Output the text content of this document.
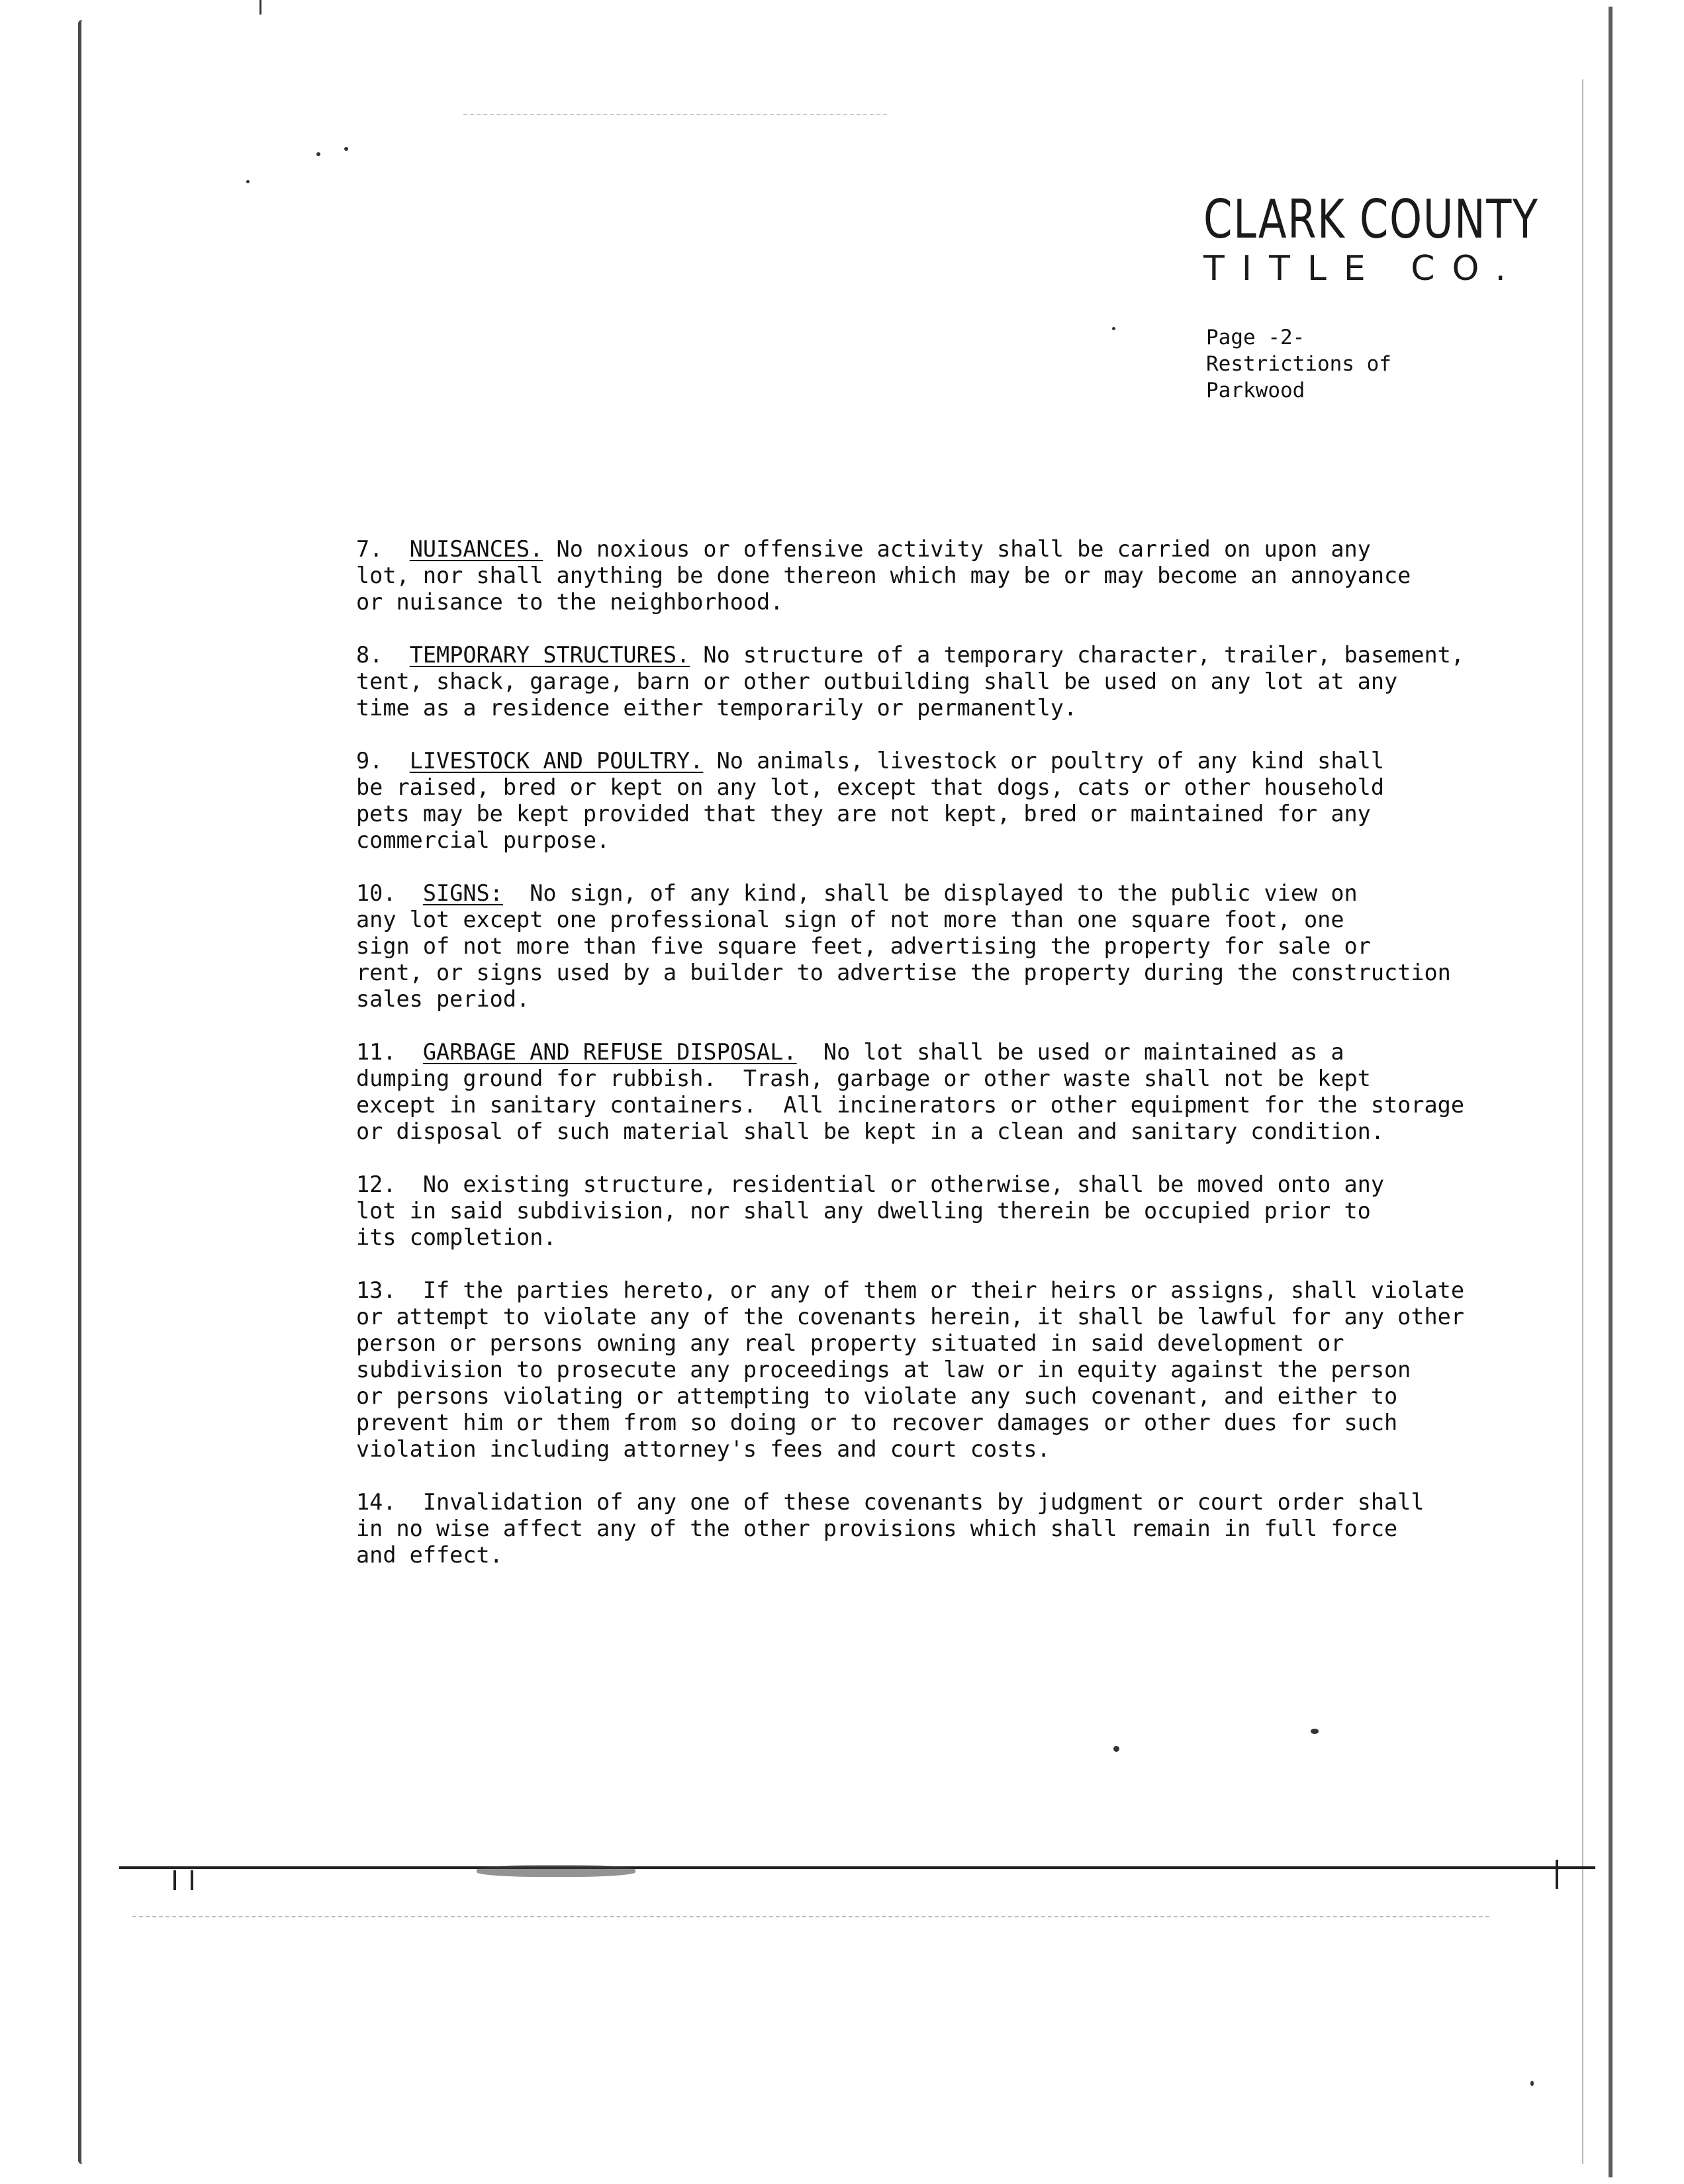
CLARK COUNTY
TITLE CO.
Page -2-
Restrictions of
Parkwood
7. NUISANCES. No noxious or offensive activity shall be carried on upon any
lot, nor shall anything be done thereon which may be or may become an annoyance
or nuisance to the neighborhood.
8. TEMPORARY STRUCTURES. No structure of a temporary character, trailer, basement,
tent, shack, garage, barn or other outbuilding shall be used on any lot at any
time as a residence either temporarily or permanently.
9. LIVESTOCK AND POULTRY. No animals, livestock or poultry of any kind shall
be raised, bred or kept on any lot, except that dogs, cats or other household
pets may be kept provided that they are not kept, bred or maintained for any
commercial purpose.
10. SIGNS:  No sign, of any kind, shall be displayed to the public view on
any lot except one professional sign of not more than one square foot, one
sign of not more than five square feet, advertising the property for sale or
rent, or signs used by a builder to advertise the property during the construction
sales period.
11. GARBAGE AND REFUSE DISPOSAL.  No lot shall be used or maintained as a
dumping ground for rubbish.  Trash, garbage or other waste shall not be kept
except in sanitary containers.  All incinerators or other equipment for the storage
or disposal of such material shall be kept in a clean and sanitary condition.
12. No existing structure, residential or otherwise, shall be moved onto any
lot in said subdivision, nor shall any dwelling therein be occupied prior to
its completion.
13. If the parties hereto, or any of them or their heirs or assigns, shall violate
or attempt to violate any of the covenants herein, it shall be lawful for any other
person or persons owning any real property situated in said development or
subdivision to prosecute any proceedings at law or in equity against the person
or persons violating or attempting to violate any such covenant, and either to
prevent him or them from so doing or to recover damages or other dues for such
violation including attorney's fees and court costs.
14. Invalidation of any one of these covenants by judgment or court order shall
in no wise affect any of the other provisions which shall remain in full force
and effect.
